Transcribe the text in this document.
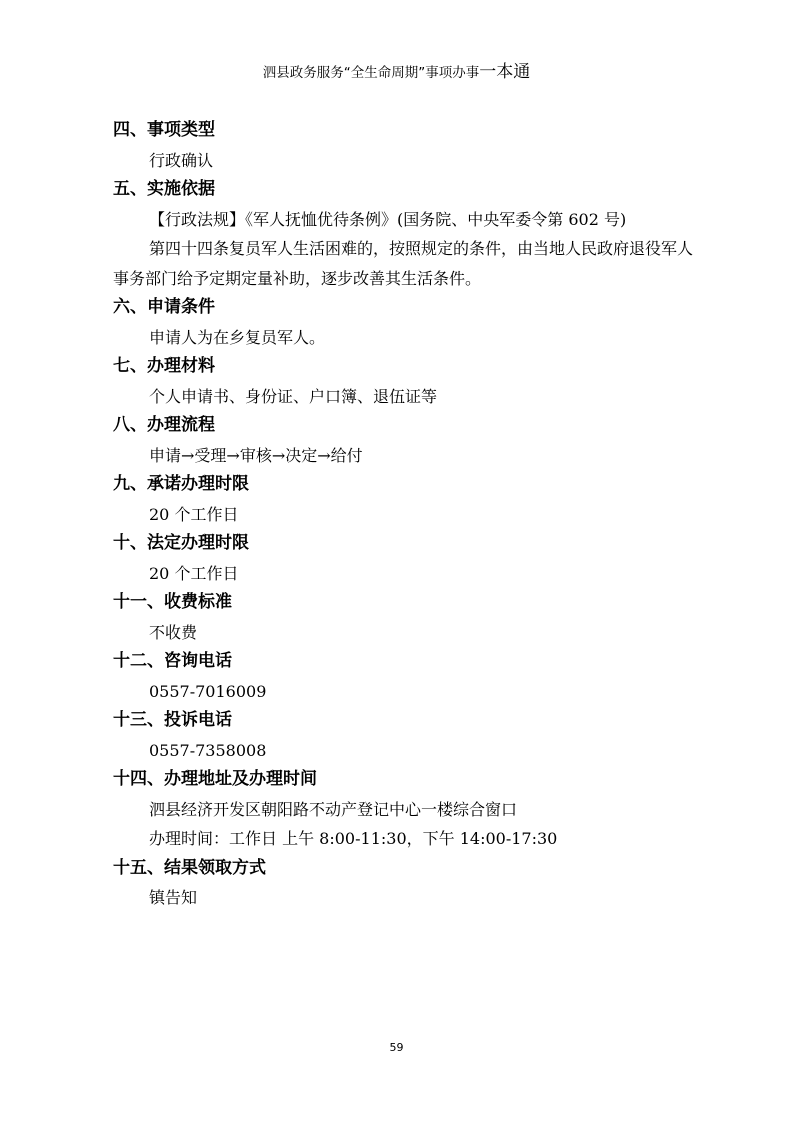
泗县政务服务“全生命周期”事项办事一本通
四、事项类型
行政确认
五、实施依据
【行政法规】《军人抚恤优待条例》(国务院、中央军委令第 602 号)
第四十四条复员军人生活困难的，按照规定的条件，由当地人民政府退役军人事务部门给予定期定量补助，逐步改善其生活条件。
六、申请条件
申请人为在乡复员军人。
七、办理材料
个人申请书、身份证、户口簿、退伍证等
八、办理流程
申请→受理→审核→决定→给付
九、承诺办理时限
20 个工作日
十、法定办理时限
20 个工作日
十一、收费标准
不收费
十二、咨询电话
0557-7016009
十三、投诉电话
0557-7358008
十四、办理地址及办理时间
泗县经济开发区朝阳路不动产登记中心一楼综合窗口
办理时间：工作日 上午 8:00-11:30，下午 14:00-17:30
十五、结果领取方式
镇告知
59
